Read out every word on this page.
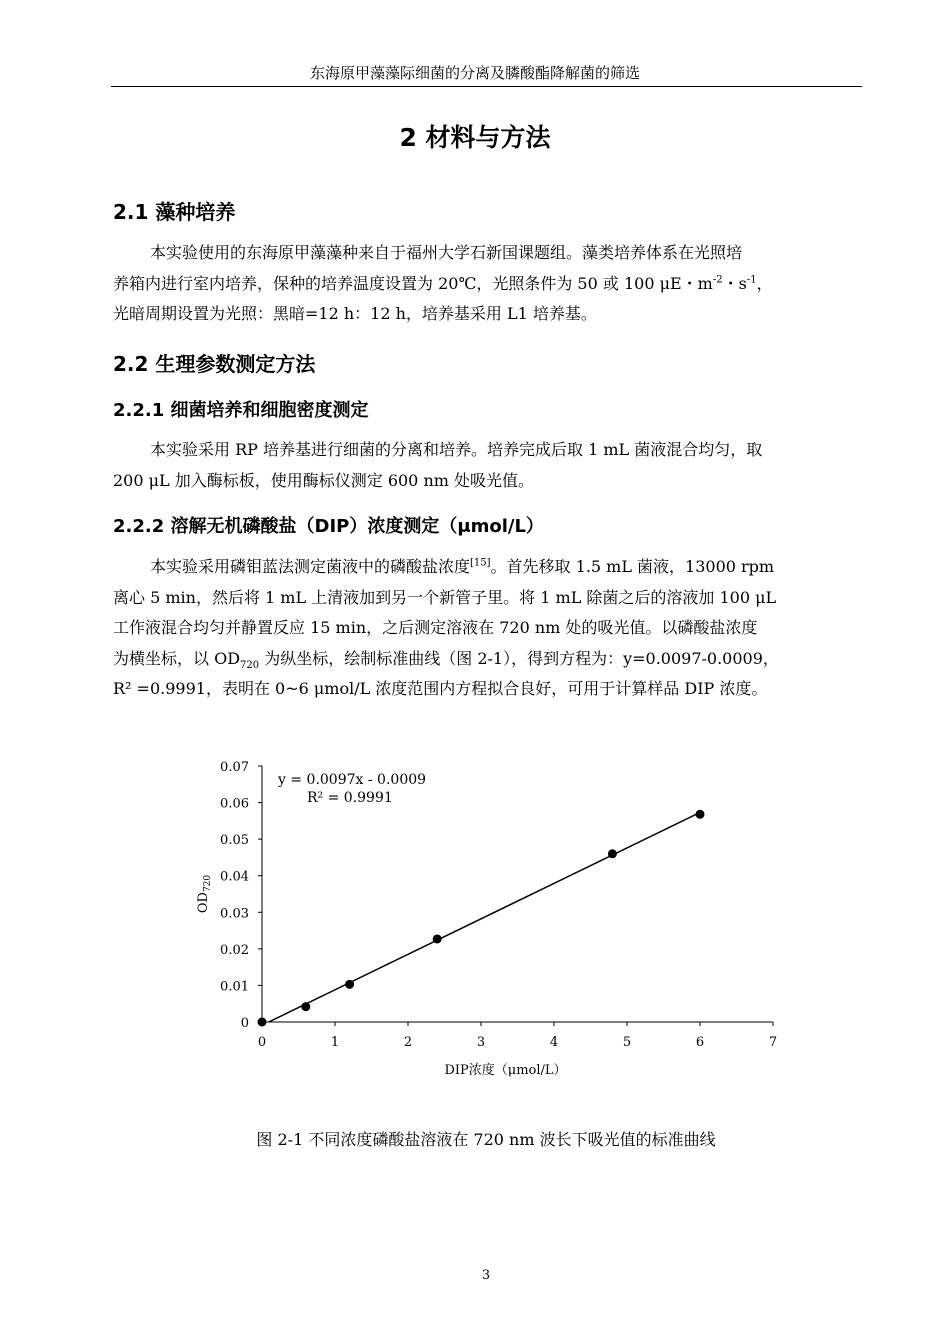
东海原甲藻藻际细菌的分离及膦酸酯降解菌的筛选
2 材料与方法
2.1 藻种培养
本实验使用的东海原甲藻藻种来自于福州大学石新国课题组。藻类培养体系在光照培
养箱内进行室内培养，保种的培养温度设置为 20℃，光照条件为 50 或 100 μE・$m^{-2}$・$s^{-1}$，
光暗周期设置为光照：黑暗=12 h：12 h，培养基采用 L1 培养基。
2.2 生理参数测定方法
2.2.1 细菌培养和细胞密度测定
本实验采用 RP 培养基进行细菌的分离和培养。培养完成后取 1 mL 菌液混合均匀，取
200 μL 加入酶标板，使用酶标仪测定 600 nm 处吸光值。
2.2.2 溶解无机磷酸盐（DIP）浓度测定（μmol/L）
本实验采用磷钼蓝法测定菌液中的磷酸盐浓度[15]。首先移取 1.5 mL 菌液，13000 rpm
离心 5 min，然后将 1 mL 上清液加到另一个新管子里。将 1 mL 除菌之后的溶液加 100 μL
工作液混合均匀并静置反应 15 min，之后测定溶液在 720 nm 处的吸光值。以磷酸盐浓度
为横坐标，以 $OD_{720}$ 为纵坐标，绘制标准曲线（图 2-1），得到方程为：y=0.0097-0.0009，
R² =0.9991，表明在 0~6 μmol/L 浓度范围内方程拟合良好，可用于计算样品 DIP 浓度。
0
0.01
0.02
0.03
0.04
0.05
0.06
0.07
0	1	2	3	4	5	6	7
y = 0.0097x - 0.0009
R² = 0.9991
DIP浓度（μmol/L）
$OD_{720}$
图 2-1 不同浓度磷酸盐溶液在 720 nm 波长下吸光值的标准曲线
3
